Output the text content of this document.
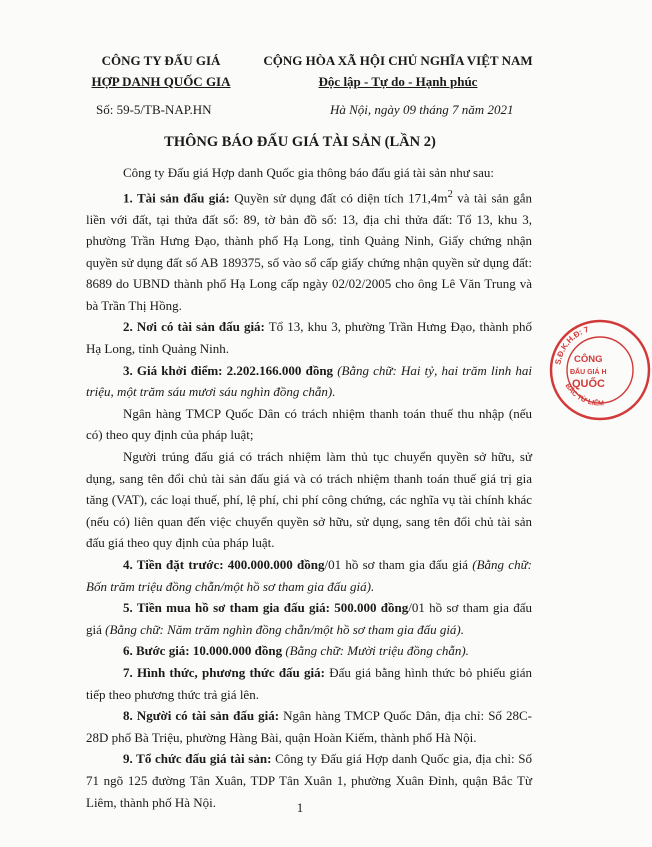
CÔNG TY ĐẤU GIÁ
HỢP DANH QUỐC GIA
CỘNG HÒA XÃ HỘI CHỦ NGHĨA VIỆT NAM
Độc lập - Tự do - Hạnh phúc
Số: 59-5/TB-NAP.HN	Hà Nội, ngày 09 tháng 7 năm 2021
THÔNG BÁO ĐẤU GIÁ TÀI SẢN (LẦN 2)

Công ty Đấu giá Hợp danh Quốc gia thông báo đấu giá tài sản như sau:

1. Tài sản đấu giá: Quyền sử dụng đất có diện tích $171,4m^2$ và tài sản gắn liền với đất, tại thửa đất số: 89, tờ bản đồ số: 13, địa chỉ thửa đất: Tổ 13, khu 3, phường Trần Hưng Đạo, thành phố Hạ Long, tỉnh Quảng Ninh, Giấy chứng nhận quyền sử dụng đất số AB 189375, số vào sổ cấp giấy chứng nhận quyền sử dụng đất: 8689 do UBND thành phố Hạ Long cấp ngày 02/02/2005 cho ông Lê Văn Trung và bà Trần Thị Hồng.

2. Nơi có tài sản đấu giá: Tổ 13, khu 3, phường Trần Hưng Đạo, thành phố Hạ Long, tỉnh Quảng Ninh.

3. Giá khởi điểm: 2.202.166.000 đồng (Bằng chữ: Hai tỷ, hai trăm linh hai triệu, một trăm sáu mươi sáu nghìn đồng chẵn).

Ngân hàng TMCP Quốc Dân có trách nhiệm thanh toán thuế thu nhập (nếu có) theo quy định của pháp luật;

Người trúng đấu giá có trách nhiệm làm thủ tục chuyển quyền sở hữu, sử dụng, sang tên đổi chủ tài sản đấu giá và có trách nhiệm thanh toán thuế giá trị gia tăng (VAT), các loại thuế, phí, lệ phí, chi phí công chứng, các nghĩa vụ tài chính khác (nếu có) liên quan đến việc chuyển quyền sở hữu, sử dụng, sang tên đổi chủ tài sản đấu giá theo quy định của pháp luật.

4. Tiền đặt trước: 400.000.000 đồng/01 hồ sơ tham gia đấu giá (Bằng chữ: Bốn trăm triệu đồng chẵn/một hồ sơ tham gia đấu giá).

5. Tiền mua hồ sơ tham gia đấu giá: 500.000 đồng/01 hồ sơ tham gia đấu giá (Bằng chữ: Năm trăm nghìn đồng chẵn/một hồ sơ tham gia đấu giá).

6. Bước giá: 10.000.000 đồng (Bằng chữ: Mười triệu đồng chẵn).

7. Hình thức, phương thức đấu giá: Đấu giá bằng hình thức bỏ phiếu gián tiếp theo phương thức trả giá lên.

8. Người có tài sản đấu giá: Ngân hàng TMCP Quốc Dân, địa chỉ: Số 28C-28D phố Bà Triệu, phường Hàng Bài, quận Hoàn Kiếm, thành phố Hà Nội.

9. Tổ chức đấu giá tài sản: Công ty Đấu giá Hợp danh Quốc gia, địa chỉ: Số 71 ngõ 125 đường Tân Xuân, TDP Tân Xuân 1, phường Xuân Đỉnh, quận Bắc Từ Liêm, thành phố Hà Nội.	1
S.Đ.K.H.Đ: 7
BẮC TỪ LIÊM
CÔNG
ĐẤU GIÁ H
QUỐC
